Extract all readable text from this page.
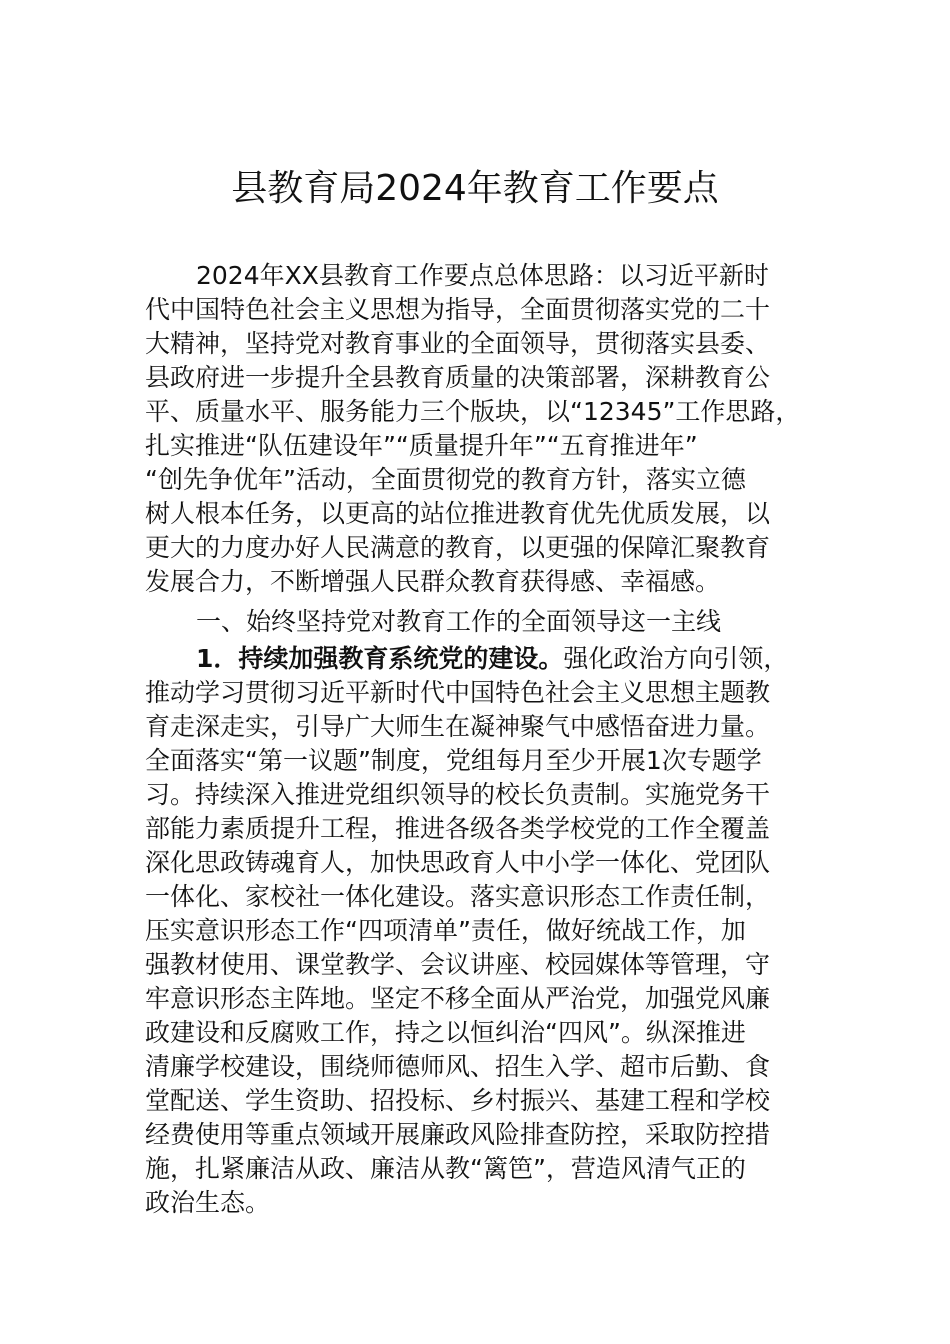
县教育局2024年教育工作要点
2024年XX县教育工作要点总体思路：以习近平新时
代中国特色社会主义思想为指导，全面贯彻落实党的二十
大精神，坚持党对教育事业的全面领导，贯彻落实县委、
县政府进一步提升全县教育质量的决策部署，深耕教育公
平、质量水平、服务能力三个版块，以“12345”工作思路，
扎实推进“队伍建设年”“质量提升年”“五育推进年”
“创先争优年”活动，全面贯彻党的教育方针，落实立德
树人根本任务，以更高的站位推进教育优先优质发展，以
更大的力度办好人民满意的教育，以更强的保障汇聚教育
发展合力，不断增强人民群众教育获得感、幸福感。
一、始终坚持党对教育工作的全面领导这一主线
1．持续加强教育系统党的建设。强化政治方向引领，
推动学习贯彻习近平新时代中国特色社会主义思想主题教
育走深走实，引导广大师生在凝神聚气中感悟奋进力量。
全面落实“第一议题”制度，党组每月至少开展1次专题学
习。持续深入推进党组织领导的校长负责制。实施党务干
部能力素质提升工程，推进各级各类学校党的工作全覆盖
深化思政铸魂育人，加快思政育人中小学一体化、党团队
一体化、家校社一体化建设。落实意识形态工作责任制，
压实意识形态工作“四项清单”责任，做好统战工作，加
强教材使用、课堂教学、会议讲座、校园媒体等管理，守
牢意识形态主阵地。坚定不移全面从严治党，加强党风廉
政建设和反腐败工作，持之以恒纠治“四风”。纵深推进
清廉学校建设，围绕师德师风、招生入学、超市后勤、食
堂配送、学生资助、招投标、乡村振兴、基建工程和学校
经费使用等重点领域开展廉政风险排查防控，采取防控措
施，扎紧廉洁从政、廉洁从教“篱笆”，营造风清气正的
政治生态。
